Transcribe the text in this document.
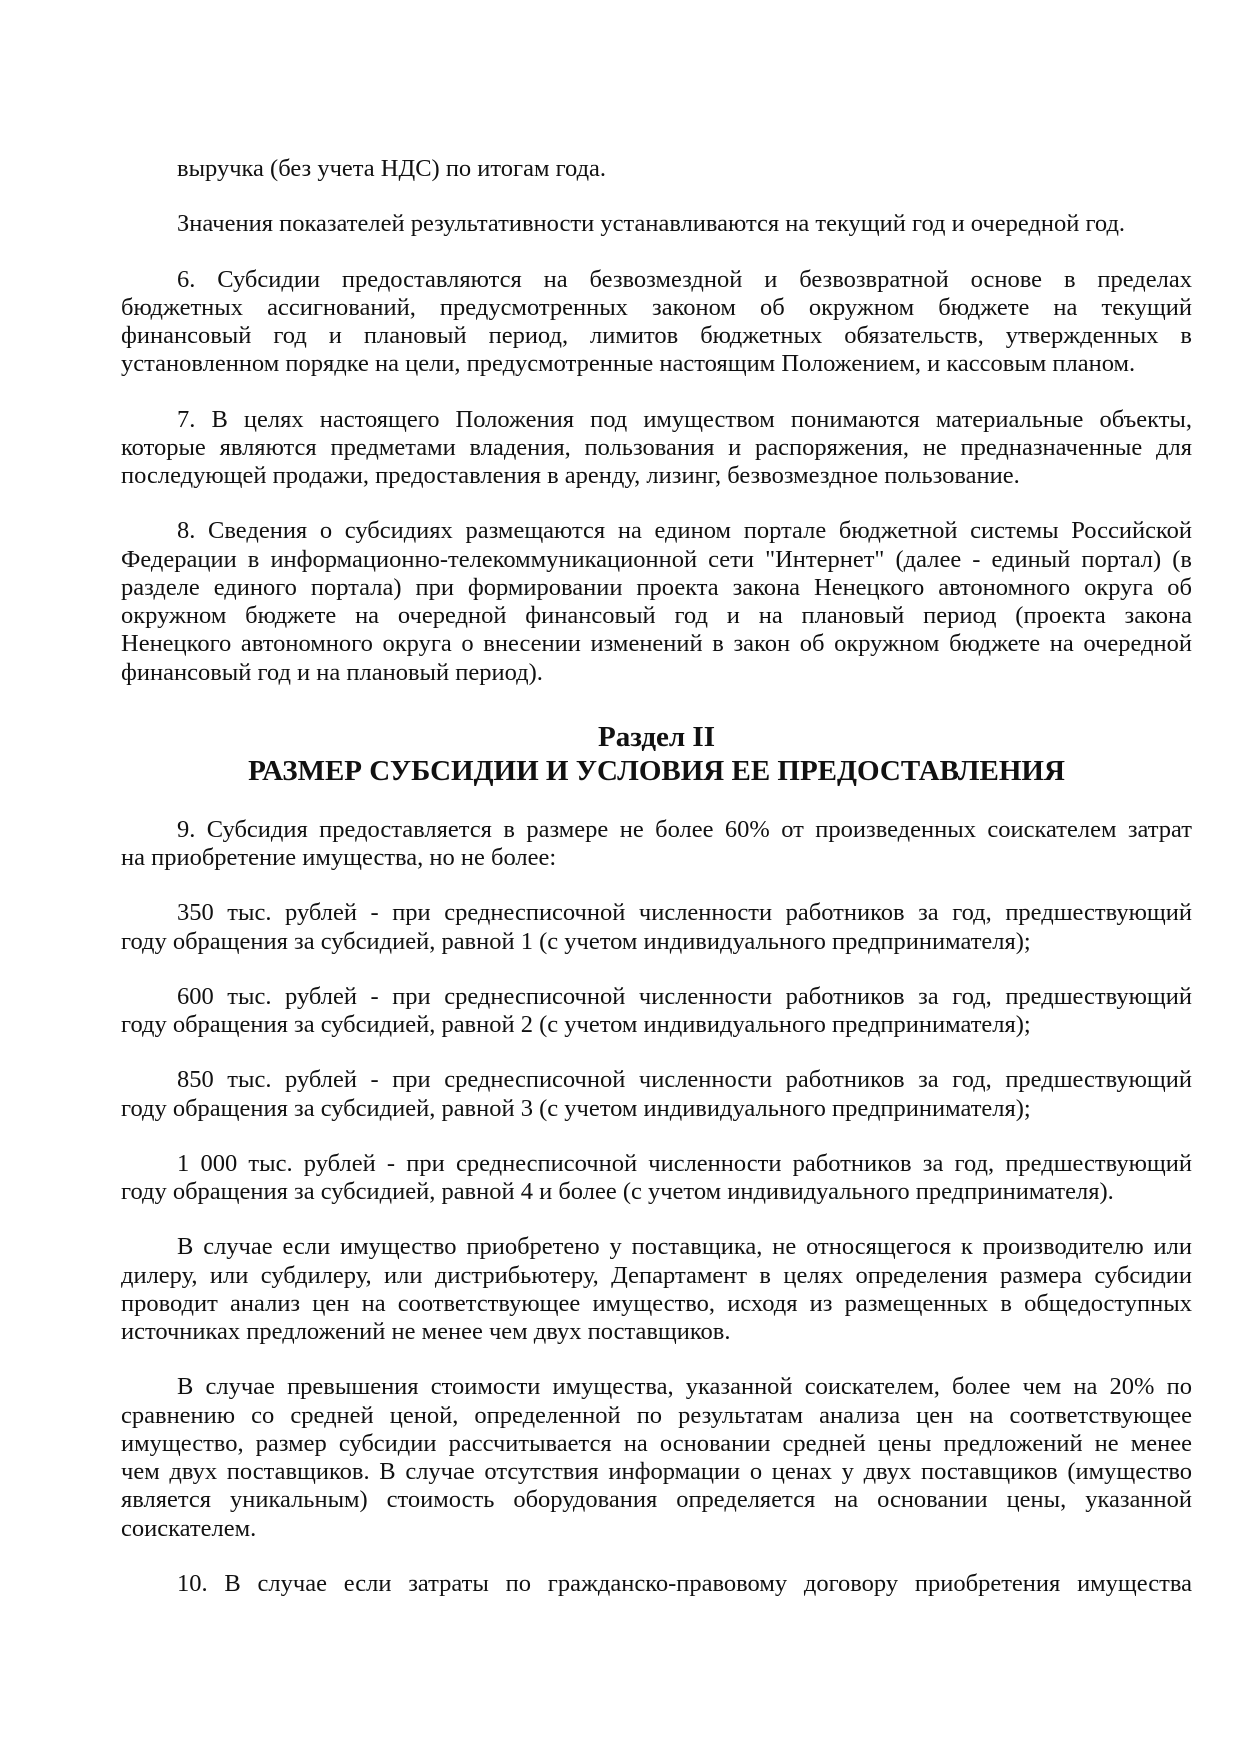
выручка (без учета НДС) по итогам года.
Значения показателей результативности устанавливаются на текущий год и очередной год.
6. Субсидии предоставляются на безвозмездной и безвозвратной основе в пределах
бюджетных ассигнований, предусмотренных законом об окружном бюджете на текущий
финансовый год и плановый период, лимитов бюджетных обязательств, утвержденных в
установленном порядке на цели, предусмотренные настоящим Положением, и кассовым планом.
7. В целях настоящего Положения под имуществом понимаются материальные объекты,
которые являются предметами владения, пользования и распоряжения, не предназначенные для
последующей продажи, предоставления в аренду, лизинг, безвозмездное пользование.
8. Сведения о субсидиях размещаются на едином портале бюджетной системы Российской
Федерации в информационно-телекоммуникационной сети "Интернет" (далее - единый портал) (в
разделе единого портала) при формировании проекта закона Ненецкого автономного округа об
окружном бюджете на очередной финансовый год и на плановый период (проекта закона
Ненецкого автономного округа о внесении изменений в закон об окружном бюджете на очередной
финансовый год и на плановый период).
Раздел II
РАЗМЕР СУБСИДИИ И УСЛОВИЯ ЕЕ ПРЕДОСТАВЛЕНИЯ
9. Субсидия предоставляется в размере не более 60% от произведенных соискателем затрат
на приобретение имущества, но не более:
350 тыс. рублей - при среднесписочной численности работников за год, предшествующий
году обращения за субсидией, равной 1 (с учетом индивидуального предпринимателя);
600 тыс. рублей - при среднесписочной численности работников за год, предшествующий
году обращения за субсидией, равной 2 (с учетом индивидуального предпринимателя);
850 тыс. рублей - при среднесписочной численности работников за год, предшествующий
году обращения за субсидией, равной 3 (с учетом индивидуального предпринимателя);
1 000 тыс. рублей - при среднесписочной численности работников за год, предшествующий
году обращения за субсидией, равной 4 и более (с учетом индивидуального предпринимателя).
В случае если имущество приобретено у поставщика, не относящегося к производителю или
дилеру, или субдилеру, или дистрибьютеру, Департамент в целях определения размера субсидии
проводит анализ цен на соответствующее имущество, исходя из размещенных в общедоступных
источниках предложений не менее чем двух поставщиков.
В случае превышения стоимости имущества, указанной соискателем, более чем на 20% по
сравнению со средней ценой, определенной по результатам анализа цен на соответствующее
имущество, размер субсидии рассчитывается на основании средней цены предложений не менее
чем двух поставщиков. В случае отсутствия информации о ценах у двух поставщиков (имущество
является уникальным) стоимость оборудования определяется на основании цены, указанной
соискателем.
10. В случае если затраты по гражданско-правовому договору приобретения имущества
